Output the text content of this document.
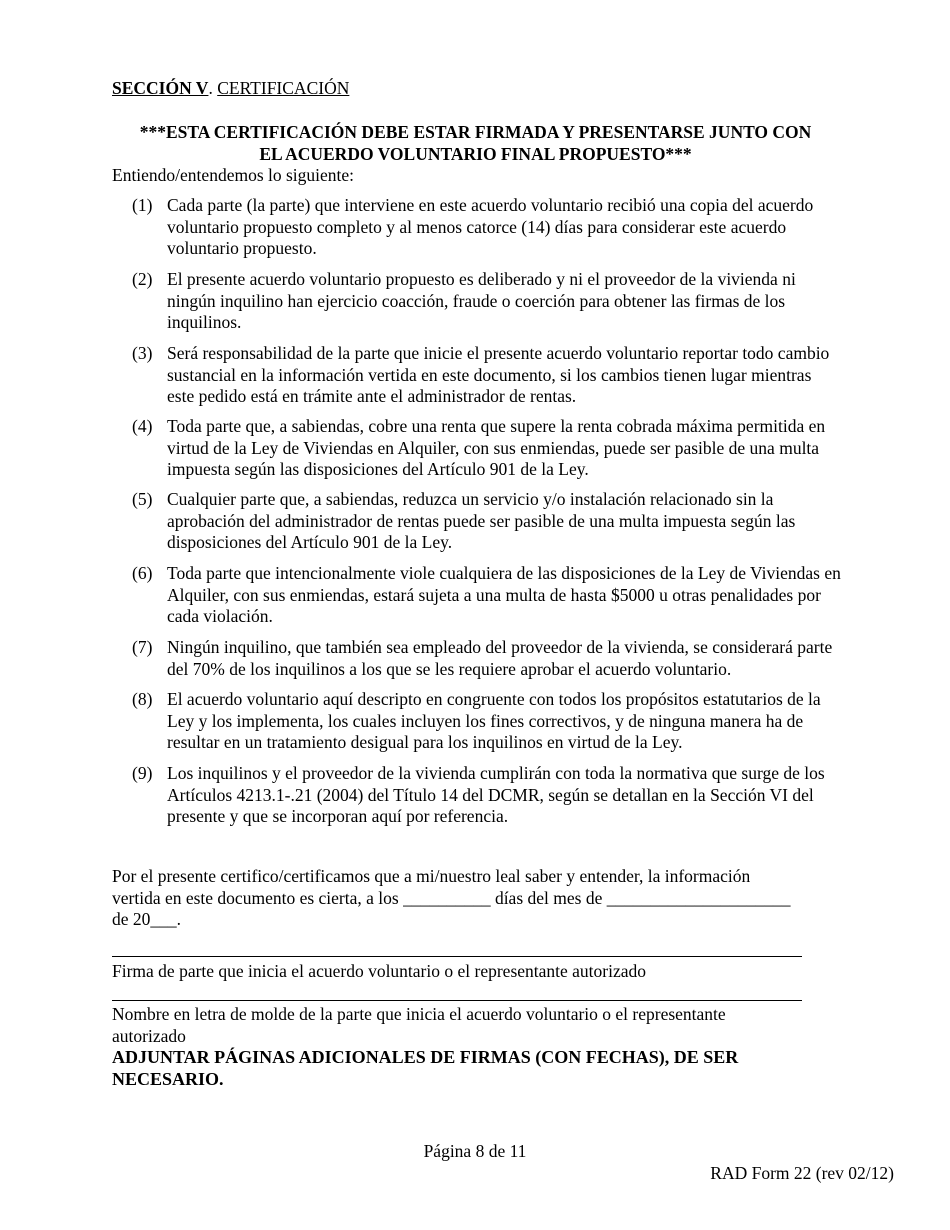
SECCIÓN V. CERTIFICACIÓN
***ESTA CERTIFICACIÓN DEBE ESTAR FIRMADA Y PRESENTARSE JUNTO CON
EL ACUERDO VOLUNTARIO FINAL PROPUESTO***
Entiendo/entendemos lo siguiente:
(1) Cada parte (la parte) que interviene en este acuerdo voluntario recibió una copia del acuerdo voluntario propuesto completo y al menos catorce (14) días para considerar este acuerdo voluntario propuesto.
(2) El presente acuerdo voluntario propuesto es deliberado y ni el proveedor de la vivienda ni ningún inquilino han ejercicio coacción, fraude o coerción para obtener las firmas de los inquilinos.
(3) Será responsabilidad de la parte que inicie el presente acuerdo voluntario reportar todo cambio sustancial en la información vertida en este documento, si los cambios tienen lugar mientras este pedido está en trámite ante el administrador de rentas.
(4) Toda parte que, a sabiendas, cobre una renta que supere la renta cobrada máxima permitida en virtud de la Ley de Viviendas en Alquiler, con sus enmiendas, puede ser pasible de una multa impuesta según las disposiciones del Artículo 901 de la Ley.
(5) Cualquier parte que, a sabiendas, reduzca un servicio y/o instalación relacionado sin la aprobación del administrador de rentas puede ser pasible de una multa impuesta según las disposiciones del Artículo 901 de la Ley.
(6) Toda parte que intencionalmente viole cualquiera de las disposiciones de la Ley de Viviendas en Alquiler, con sus enmiendas, estará sujeta a una multa de hasta $5000 u otras penalidades por cada violación.
(7) Ningún inquilino, que también sea empleado del proveedor de la vivienda, se considerará parte del 70% de los inquilinos a los que se les requiere aprobar el acuerdo voluntario.
(8) El acuerdo voluntario aquí descripto en congruente con todos los propósitos estatutarios de la Ley y los implementa, los cuales incluyen los fines correctivos, y de ninguna manera ha de resultar en un tratamiento desigual para los inquilinos en virtud de la Ley.
(9) Los inquilinos y el proveedor de la vivienda cumplirán con toda la normativa que surge de los Artículos 4213.1-.21 (2004) del Título 14 del DCMR, según se detallan en la Sección VI del presente y que se incorporan aquí por referencia.
Por el presente certifico/certificamos que a mi/nuestro leal saber y entender, la información
vertida en este documento es cierta, a los __________ días del mes de _____________________
de 20___.
Firma de parte que inicia el acuerdo voluntario o el representante autorizado
Nombre en letra de molde de la parte que inicia el acuerdo voluntario o el representante
autorizado
ADJUNTAR PÁGINAS ADICIONALES DE FIRMAS (CON FECHAS), DE SER
NECESARIO.
Página 8 de 11
RAD Form 22 (rev 02/12)
